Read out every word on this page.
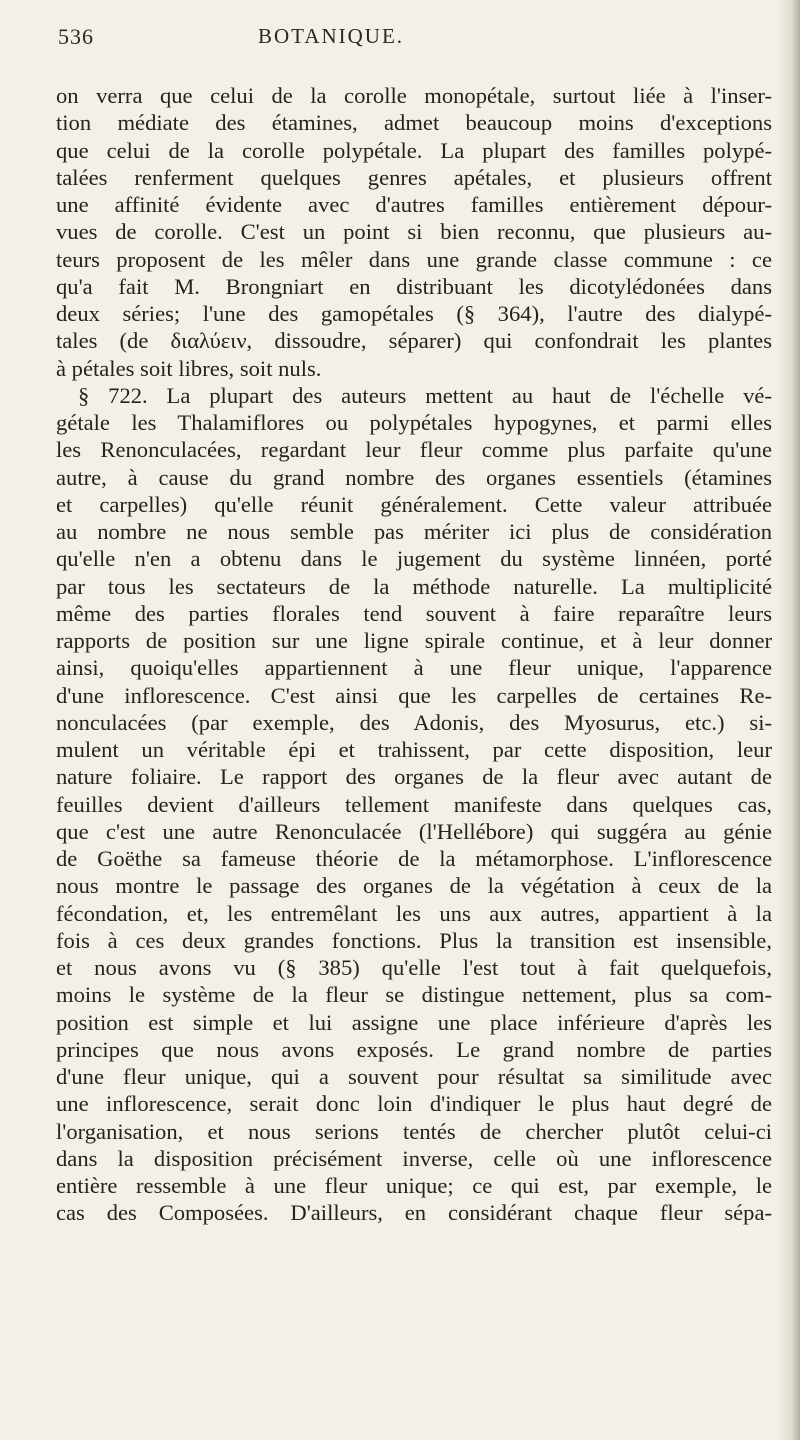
536	BOTANIQUE.
on verra que celui de la corolle monopétale, surtout liée à l'inser-
tion médiate des étamines, admet beaucoup moins d'exceptions
que celui de la corolle polypétale. La plupart des familles polypé-
talées renferment quelques genres apétales, et plusieurs offrent
une affinité évidente avec d'autres familles entièrement dépour-
vues de corolle. C'est un point si bien reconnu, que plusieurs au-
teurs proposent de les mêler dans une grande classe commune : ce
qu'a fait M. Brongniart en distribuant les dicotylédonées dans
deux séries; l'une des gamopétales (§ 364), l'autre des dialypé-
tales (de διαλύειν, dissoudre, séparer) qui confondrait les plantes
à pétales soit libres, soit nuls.
§ 722. La plupart des auteurs mettent au haut de l'échelle vé-
gétale les Thalamiflores ou polypétales hypogynes, et parmi elles
les Renonculacées, regardant leur fleur comme plus parfaite qu'une
autre, à cause du grand nombre des organes essentiels (étamines
et carpelles) qu'elle réunit généralement. Cette valeur attribuée
au nombre ne nous semble pas mériter ici plus de considération
qu'elle n'en a obtenu dans le jugement du système linnéen, porté
par tous les sectateurs de la méthode naturelle. La multiplicité
même des parties florales tend souvent à faire reparaître leurs
rapports de position sur une ligne spirale continue, et à leur donner
ainsi, quoiqu'elles appartiennent à une fleur unique, l'apparence
d'une inflorescence. C'est ainsi que les carpelles de certaines Re-
nonculacées (par exemple, des Adonis, des Myosurus, etc.) si-
mulent un véritable épi et trahissent, par cette disposition, leur
nature foliaire. Le rapport des organes de la fleur avec autant de
feuilles devient d'ailleurs tellement manifeste dans quelques cas,
que c'est une autre Renonculacée (l'Hellébore) qui suggéra au génie
de Goëthe sa fameuse théorie de la métamorphose. L'inflorescence
nous montre le passage des organes de la végétation à ceux de la
fécondation, et, les entremêlant les uns aux autres, appartient à la
fois à ces deux grandes fonctions. Plus la transition est insensible,
et nous avons vu (§ 385) qu'elle l'est tout à fait quelquefois,
moins le système de la fleur se distingue nettement, plus sa com-
position est simple et lui assigne une place inférieure d'après les
principes que nous avons exposés. Le grand nombre de parties
d'une fleur unique, qui a souvent pour résultat sa similitude avec
une inflorescence, serait donc loin d'indiquer le plus haut degré de
l'organisation, et nous serions tentés de chercher plutôt celui-ci
dans la disposition précisément inverse, celle où une inflorescence
entière ressemble à une fleur unique; ce qui est, par exemple, le
cas des Composées. D'ailleurs, en considérant chaque fleur sépa-
